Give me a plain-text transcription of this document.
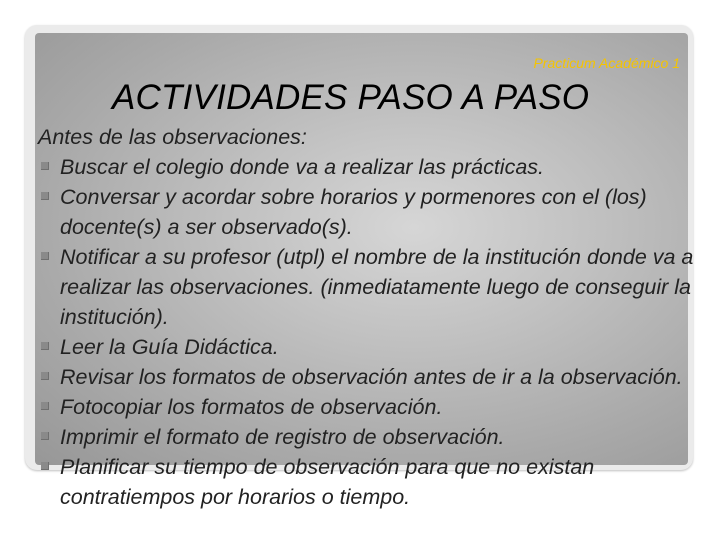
Practicum Académico 1
ACTIVIDADES PASO A PASO

Antes de las observaciones:

Buscar el colegio donde va a realizar las prácticas.
Conversar y acordar sobre horarios y pormenores con el (los) docente(s) a ser observado(s).
Notificar a su profesor (utpl) el nombre de la institución donde va a realizar las observaciones. (inmediatamente luego de conseguir la institución).
Leer la Guía Didáctica.
Revisar los formatos de observación antes de ir a la observación.
Fotocopiar los formatos de observación.
Imprimir el formato de registro de observación.
Planificar su tiempo de observación para que no existan contratiempos por horarios o tiempo.
